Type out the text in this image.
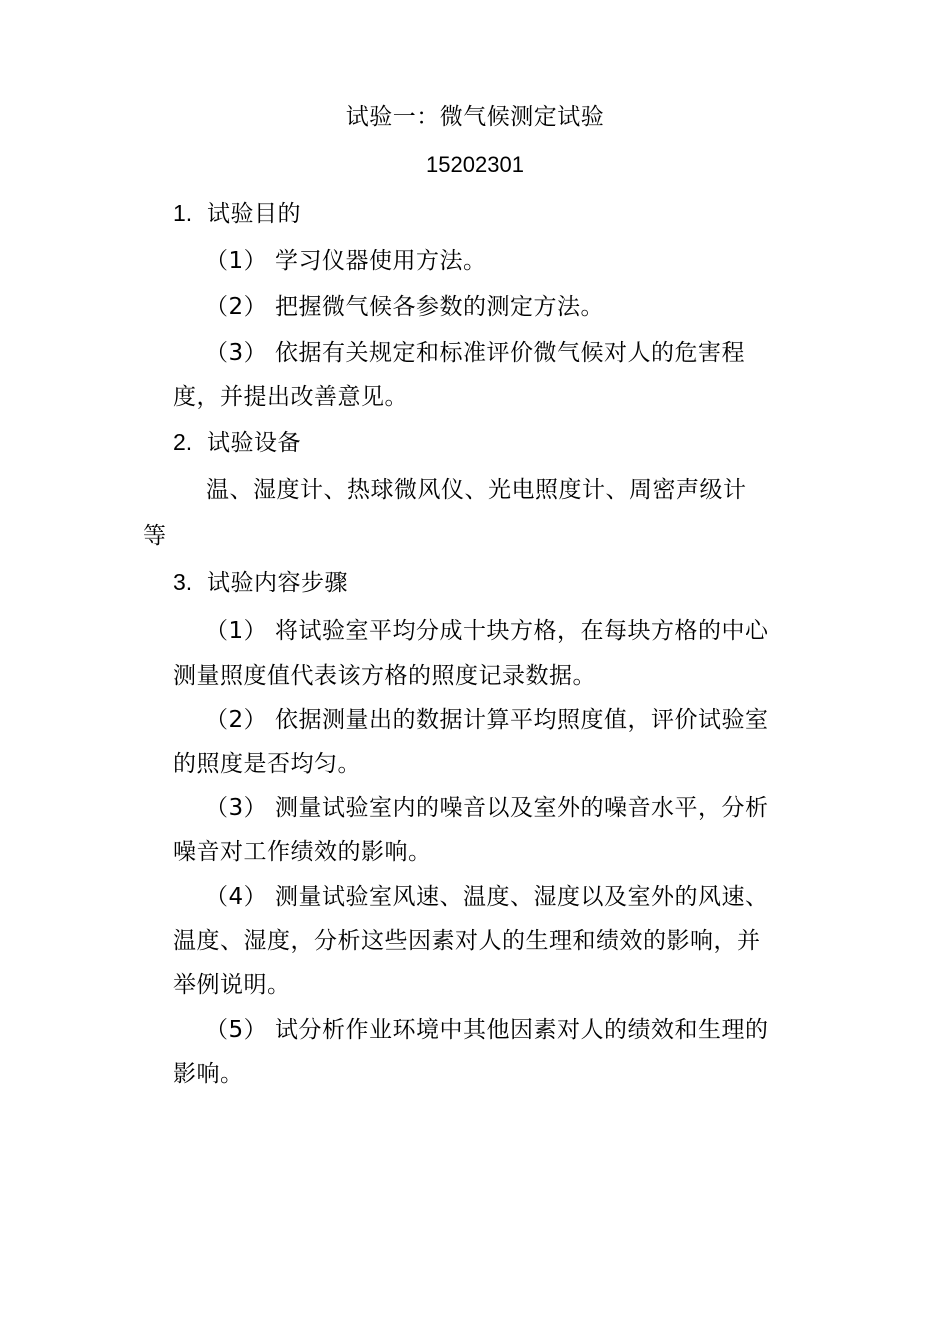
试验一：微气候测定试验
15202301
1. 试验目的
（1） 学习仪器使用方法。
（2） 把握微气候各参数的测定方法。
（3） 依据有关规定和标准评价微气候对人的危害程
度，并提出改善意见。
2. 试验设备
温、湿度计、热球微风仪、光电照度计、周密声级计
等
3. 试验内容步骤
（1） 将试验室平均分成十块方格，在每块方格的中心
测量照度值代表该方格的照度记录数据。
（2） 依据测量出的数据计算平均照度值，评价试验室
的照度是否均匀。
（3） 测量试验室内的噪音以及室外的噪音水平，分析
噪音对工作绩效的影响。
（4） 测量试验室风速、温度、湿度以及室外的风速、
温度、湿度，分析这些因素对人的生理和绩效的影响，并
举例说明。
（5） 试分析作业环境中其他因素对人的绩效和生理的
影响。
